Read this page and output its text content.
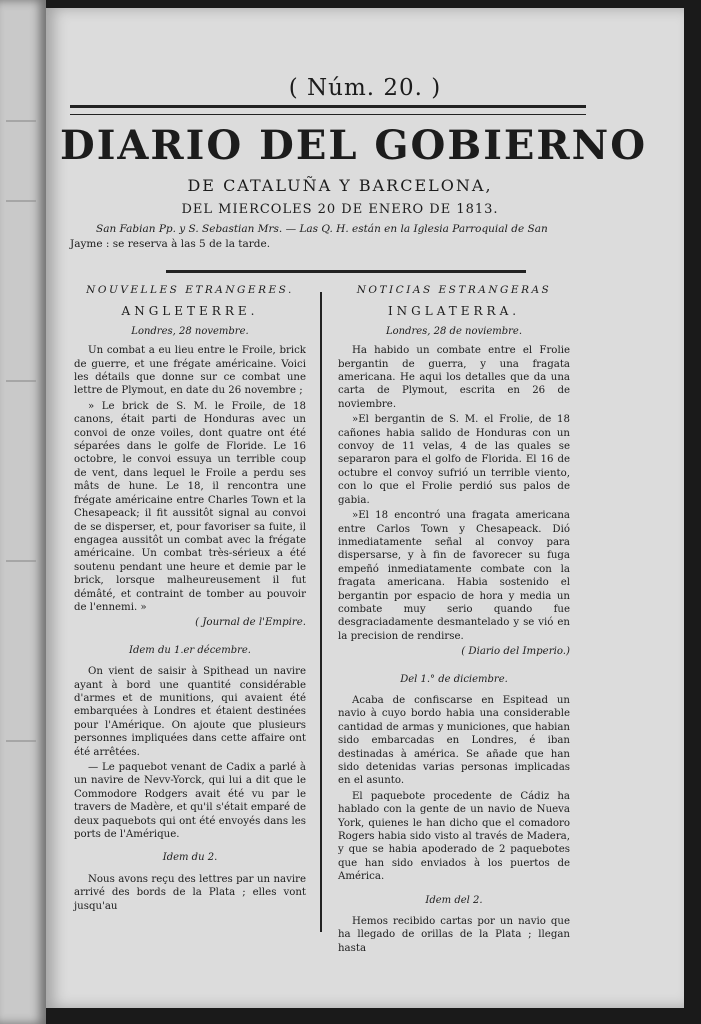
( Núm. 20. )
DIARIO DEL GOBIERNO
DE CATALUÑA Y BARCELONA,
DEL MIERCOLES 20 DE ENERO DE 1813.
San Fabian Pp. y S. Sebastian Mrs. — Las Q. H. están en la Iglesia Parroquial de San
Jayme : se reserva à las 5 de la tarde.
NOUVELLES ETRANGERES.
ANGLETERRE.
Londres, 28 novembre.

Un combat a eu lieu entre le Froile, brick de guerre, et une frégate américaine. Voici les détails que donne sur ce combat une lettre de Plymout, en date du 26 novembre ;

» Le brick de S. M. le Froile, de 18 canons, était parti de Honduras avec un convoi de onze voiles, dont quatre ont été séparées dans le golfe de Floride. Le 16 octobre, le convoi essuya un terrible coup de vent, dans lequel le Froile a perdu ses mâts de hune. Le 18, il rencontra une frégate américaine entre Charles Town et la Chesapeack; il fit aussitôt signal au convoi de se disperser, et, pour favoriser sa fuite, il engagea aussitôt un combat avec la frégate américaine. Un combat très-sérieux a été soutenu pendant une heure et demie par le brick, lorsque malheureusement il fut démâté, et contraint de tomber au pouvoir de l'ennemi. »

( Journal de l'Empire.
Idem du 1.er décembre.

On vient de saisir à Spithead un navire ayant à bord une quantité considérable d'armes et de munitions, qui avaient été embarquées à Londres et étaient destinées pour l'Amérique. On ajoute que plusieurs personnes impliquées dans cette affaire ont été arrêtées.

— Le paquebot venant de Cadix a parlé à un navire de Nevv-Yorck, qui lui a dit que le Commodore Rodgers avait été vu par le travers de Madère, et qu'il s'était emparé de deux paquebots qui ont été envoyés dans les ports de l'Amérique.

Idem du 2.

Nous avons reçu des lettres par un navire arrivé des bords de la Plata ; elles vont jusqu'au

NOTICIAS ESTRANGERAS
INGLATERRA.
Londres, 28 de noviembre.

Ha habido un combate entre el Frolie bergantin de guerra, y una fragata americana. He aqui los detalles que da una carta de Plymout, escrita en 26 de noviembre.

»El bergantin de S. M. el Frolie, de 18 cañones habia salido de Honduras con un convoy de 11 velas, 4 de las quales se separaron para el golfo de Florida. El 16 de octubre el convoy sufrió un terrible viento, con lo que el Frolie perdió sus palos de gabia.

»El 18 encontró una fragata americana entre Carlos Town y Chesapeack. Dió inmediatamente señal al convoy para dispersarse, y à fin de favorecer su fuga empeñó inmediatamente combate con la fragata americana. Habia sostenido el bergantin por espacio de hora y media un combate muy serio quando fue desgraciadamente desmantelado y se vió en la precision de rendirse.

( Diario del Imperio.)
Del 1.° de diciembre.

Acaba de confiscarse en Espitead un navio à cuyo bordo habia una considerable cantidad de armas y municiones, que habian sido embarcadas en Londres, é iban destinadas à américa. Se añade que han sido detenidas varias personas implicadas en el asunto.

El paquebote procedente de Cádiz ha hablado con la gente de un navio de Nueva York, quienes le han dicho que el comadoro Rogers habia sido visto al través de Madera, y que se habia apoderado de 2 paquebotes que han sido enviados à los puertos de América.

Idem del 2.

Hemos recibido cartas por un navio que ha llegado de orillas de la Plata ; llegan hasta
